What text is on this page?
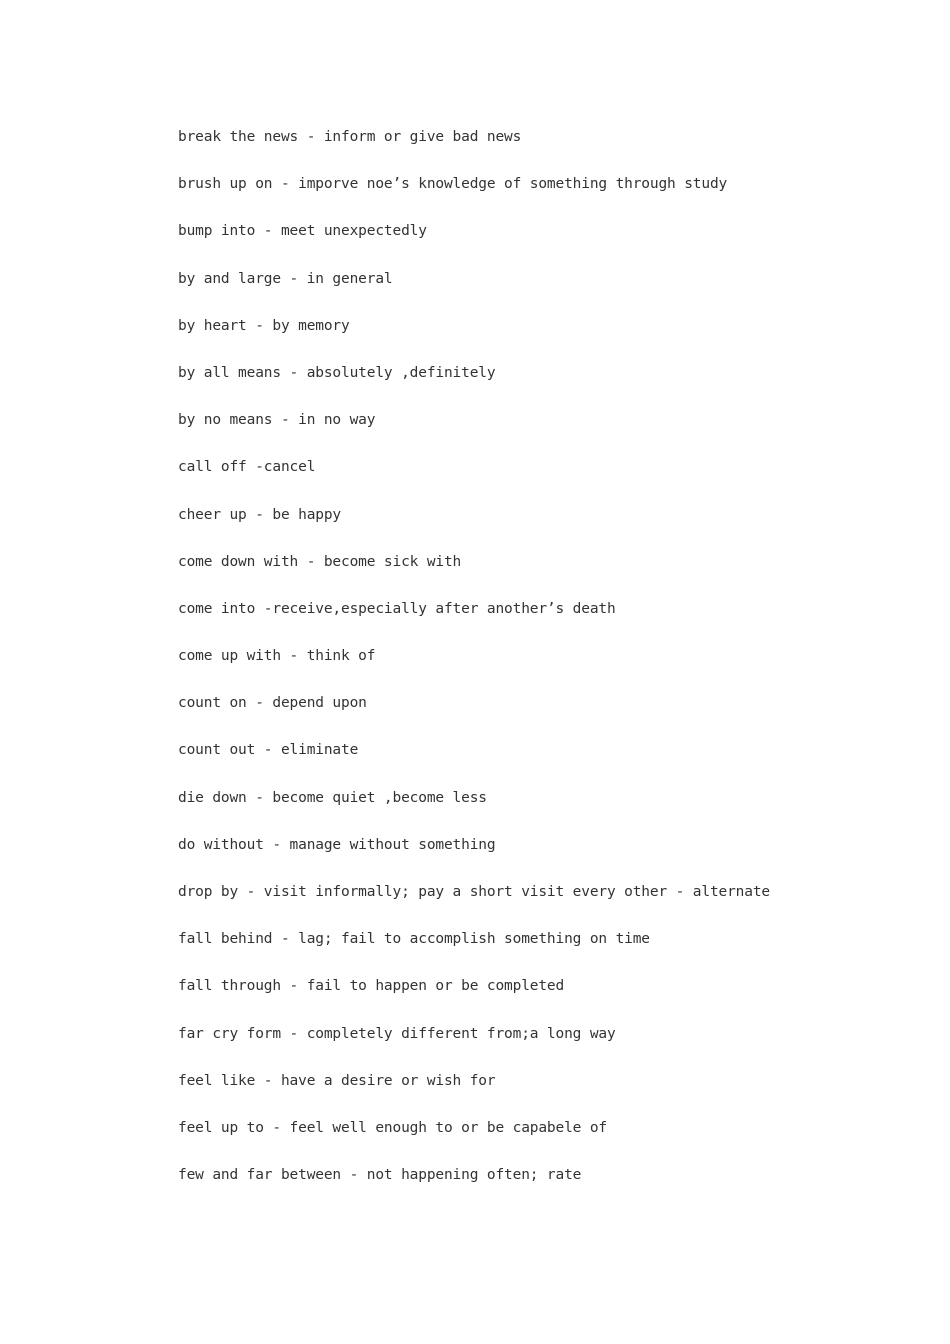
break the news - inform or give bad news
brush up on - imporve noe’s knowledge of something through study
bump into - meet unexpectedly
by and large - in general
by heart - by memory
by all means - absolutely ,definitely
by no means - in no way
call off -cancel
cheer up - be happy
come down with - become sick with
come into -receive,especially after another’s death
come up with - think of
count on - depend upon
count out - eliminate
die down - become quiet ,become less
do without - manage without something
drop by - visit informally; pay a short visit every other - alternate
fall behind - lag; fail to accomplish something on time
fall through - fail to happen or be completed
far cry form - completely different from;a long way
feel like - have a desire or wish for
feel up to - feel well enough to or be capabele of
few and far between - not happening often; rate
